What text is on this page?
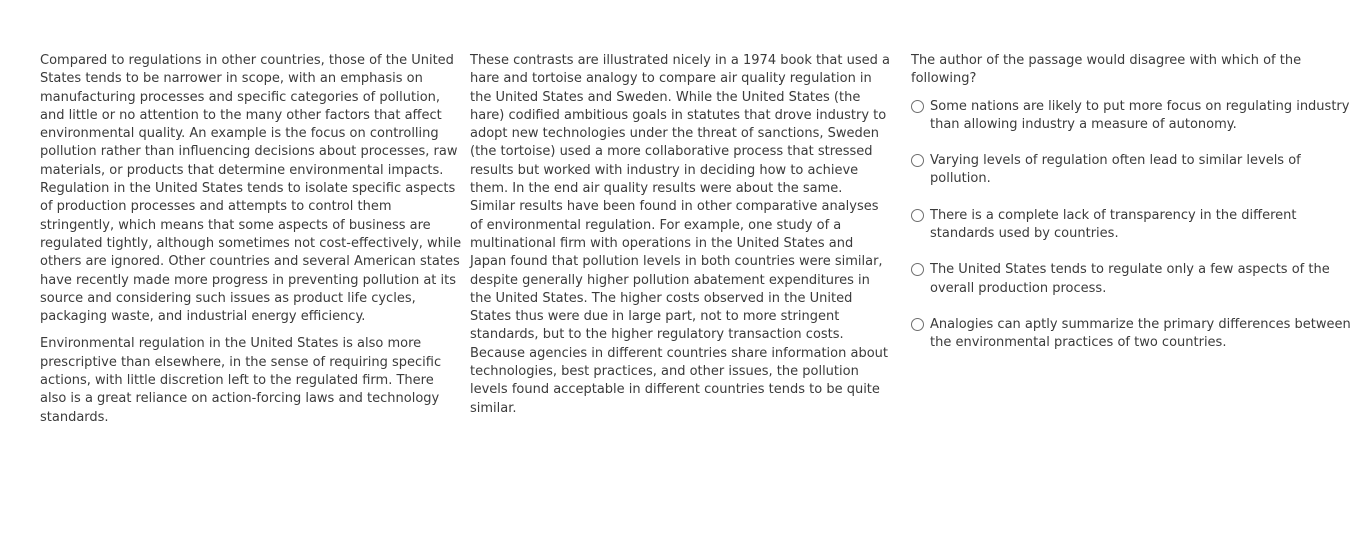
Compared to regulations in other countries, those of the United States tends to be narrower in scope, with an emphasis on manufacturing processes and specific categories of pollution, and little or no attention to the many other factors that affect environmental quality. An example is the focus on controlling pollution rather than influencing decisions about processes, raw materials, or products that determine environmental impacts. Regulation in the United States tends to isolate specific aspects of production processes and attempts to control them stringently, which means that some aspects of business are regulated tightly, although sometimes not cost-effectively, while others are ignored. Other countries and several American states have recently made more progress in preventing pollution at its source and considering such issues as product life cycles, packaging waste, and industrial energy efficiency.

Environmental regulation in the United States is also more prescriptive than elsewhere, in the sense of requiring specific actions, with little discretion left to the regulated firm. There also is a great reliance on action-forcing laws and technology standards.

These contrasts are illustrated nicely in a 1974 book that used a hare and tortoise analogy to compare air quality regulation in the United States and Sweden. While the United States (the hare) codified ambitious goals in statutes that drove industry to adopt new technologies under the threat of sanctions, Sweden (the tortoise) used a more collaborative process that stressed results but worked with industry in deciding how to achieve them. In the end air quality results were about the same. Similar results have been found in other comparative analyses of environmental regulation. For example, one study of a multinational firm with operations in the United States and Japan found that pollution levels in both countries were similar, despite generally higher pollution abatement expenditures in the United States. The higher costs observed in the United States thus were due in large part, not to more stringent standards, but to the higher regulatory transaction costs. Because agencies in different countries share information about technologies, best practices, and other issues, the pollution levels found acceptable in different countries tends to be quite similar.

The author of the passage would disagree with which of the following?
Some nations are likely to put more focus on regulating industry than allowing industry a measure of autonomy.
Varying levels of regulation often lead to similar levels of pollution.
There is a complete lack of transparency in the different standards used by countries.
The United States tends to regulate only a few aspects of the overall production process.
Analogies can aptly summarize the primary differences between the environmental practices of two countries.
